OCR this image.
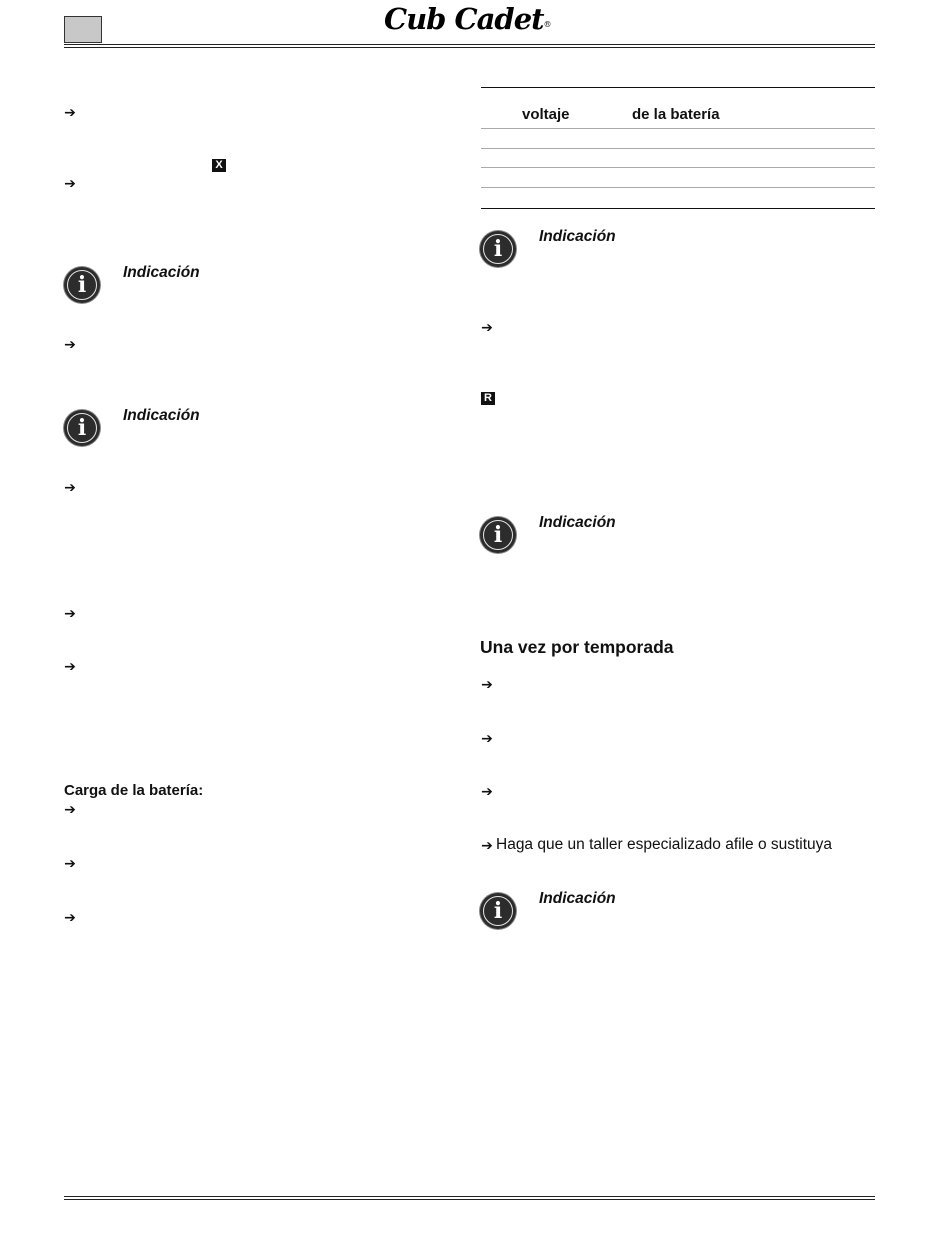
Cub Cadet®
➔
X
➔
i	Indicación
➔
i	Indicación
➔
➔
➔
Carga de la batería:
➔
➔
➔
voltaje	de la batería
i	Indicación
➔
R
i	Indicación
Una vez por temporada
➔
➔
➔
➔ Haga que un taller especializado afile o sustituya
i	Indicación
